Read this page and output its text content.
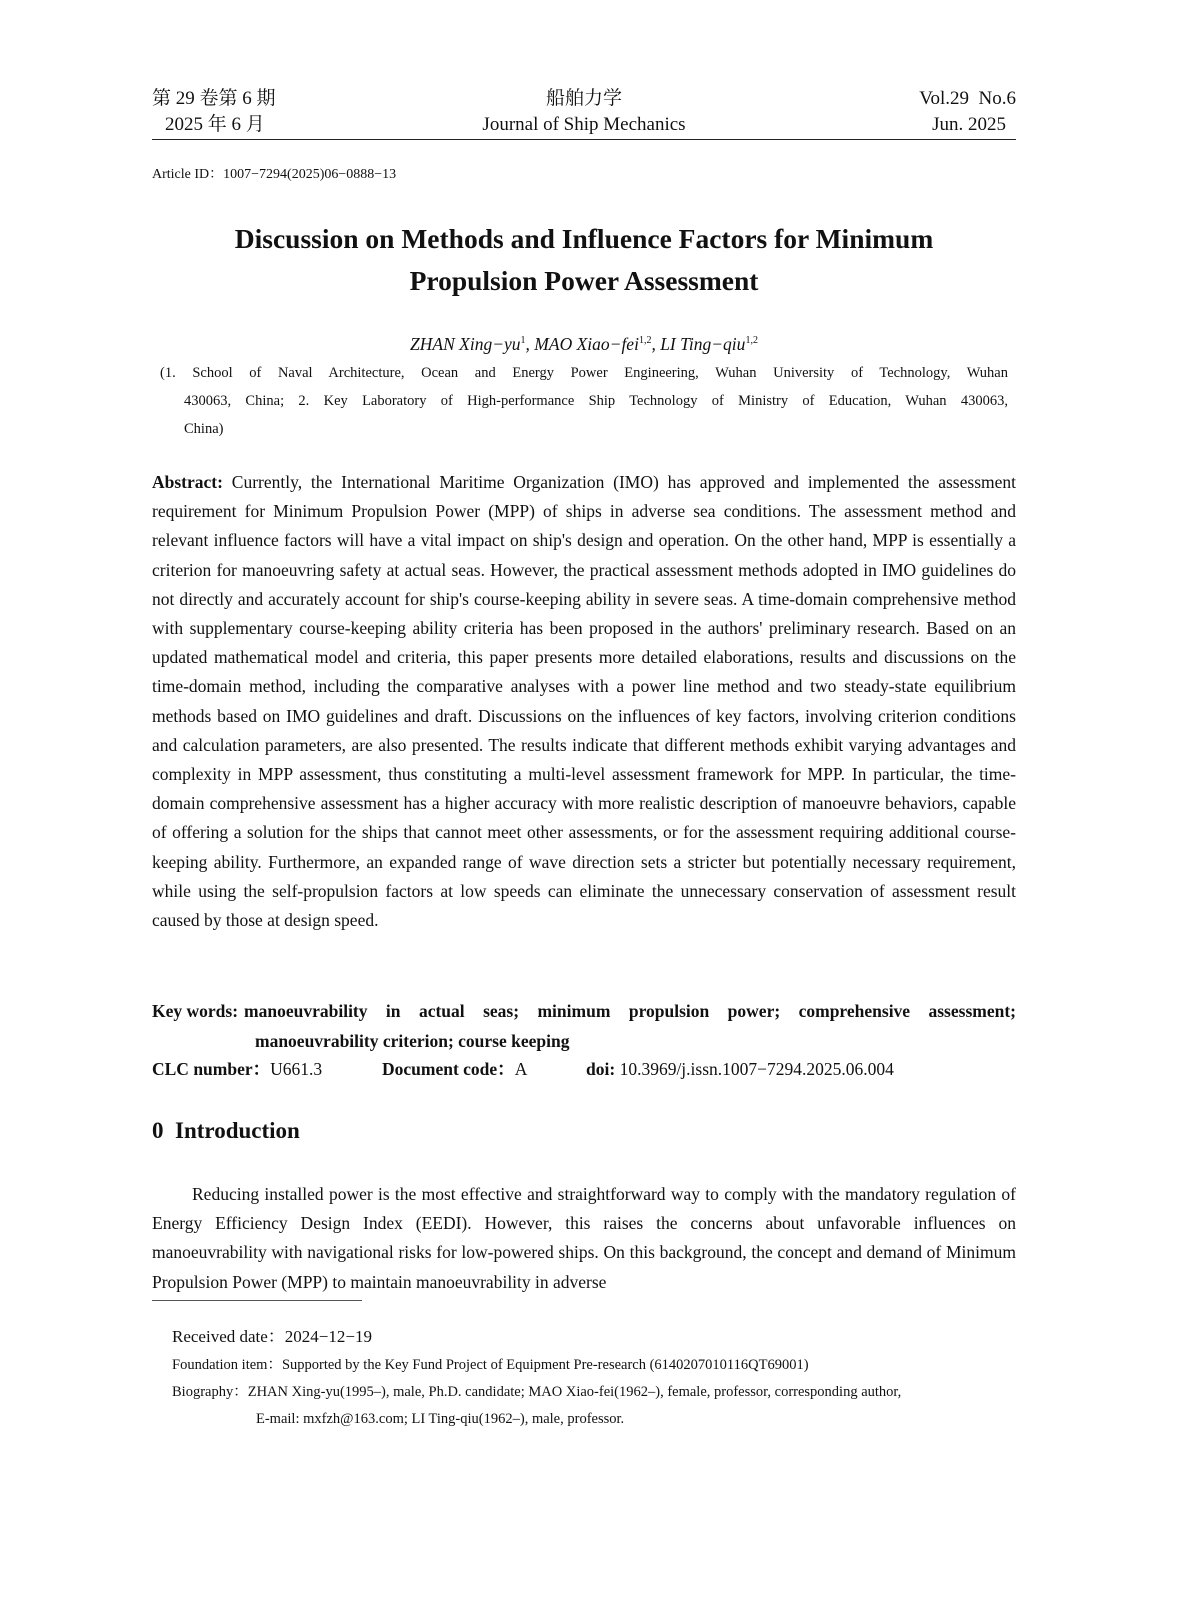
第 29 卷第 6 期	船舶力学	Vol.29  No.6
2025 年 6 月	Journal of Ship Mechanics	Jun. 2025
Article ID：1007−7294(2025)06−0888−13
Discussion on Methods and Influence Factors for Minimum
Propulsion Power Assessment
ZHAN $Xing-yu^1$, MAO Xiao−fei$^{1,2}$, LI Ting−qiu$^{1,2}$
(1. School of Naval Architecture, Ocean and Energy Power Engineering, Wuhan University of Technology, Wuhan
430063, China; 2. Key Laboratory of High-performance Ship Technology of Ministry of Education, Wuhan 430063,
China)
Abstract: Currently, the International Maritime Organization (IMO) has approved and implemented the assessment requirement for Minimum Propulsion Power (MPP) of ships in adverse sea conditions. The assessment method and relevant influence factors will have a vital impact on ship's design and operation. On the other hand, MPP is essentially a criterion for manoeuvring safety at actual seas. However, the practical assessment methods adopted in IMO guidelines do not directly and accurately account for ship's course-keeping ability in severe seas. A time-domain comprehensive method with supplementary course-keeping ability criteria has been proposed in the authors' preliminary research. Based on an updated mathematical model and criteria, this paper presents more detailed elaborations, results and discussions on the time-domain method, including the comparative analyses with a power line method and two steady-state equilibrium methods based on IMO guidelines and draft. Discussions on the influences of key factors, involving criterion conditions and calculation parameters, are also presented. The results indicate that different methods exhibit varying advantages and complexity in MPP assessment, thus constituting a multi-level assessment framework for MPP. In particular, the time-domain comprehensive assessment has a higher accuracy with more realistic description of manoeuvre behaviors, capable of offering a solution for the ships that cannot meet other assessments, or for the assessment requiring additional course-keeping ability. Furthermore, an expanded range of wave direction sets a stricter but potentially necessary requirement, while using the self-propulsion factors at low speeds can eliminate the unnecessary conservation of assessment result caused by those at design speed.
Key words: manoeuvrability in actual seas; minimum propulsion power; comprehensive assessment;
manoeuvrability criterion; course keeping
CLC number：U661.3	Document code：A	doi: 10.3969/j.issn.1007−7294.2025.06.004
0 Introduction
Reducing installed power is the most effective and straightforward way to comply with the mandatory regulation of Energy Efficiency Design Index (EEDI). However, this raises the concerns about unfavorable influences on manoeuvrability with navigational risks for low-powered ships. On this background, the concept and demand of Minimum Propulsion Power (MPP) to maintain manoeuvrability in adverse
Received date：2024−12−19
Foundation item：Supported by the Key Fund Project of Equipment Pre-research (6140207010116QT69001)
Biography：ZHAN Xing-yu(1995–), male, Ph.D. candidate; MAO Xiao-fei(1962–), female, professor, corresponding author,
E-mail: mxfzh@163.com; LI Ting-qiu(1962–), male, professor.
